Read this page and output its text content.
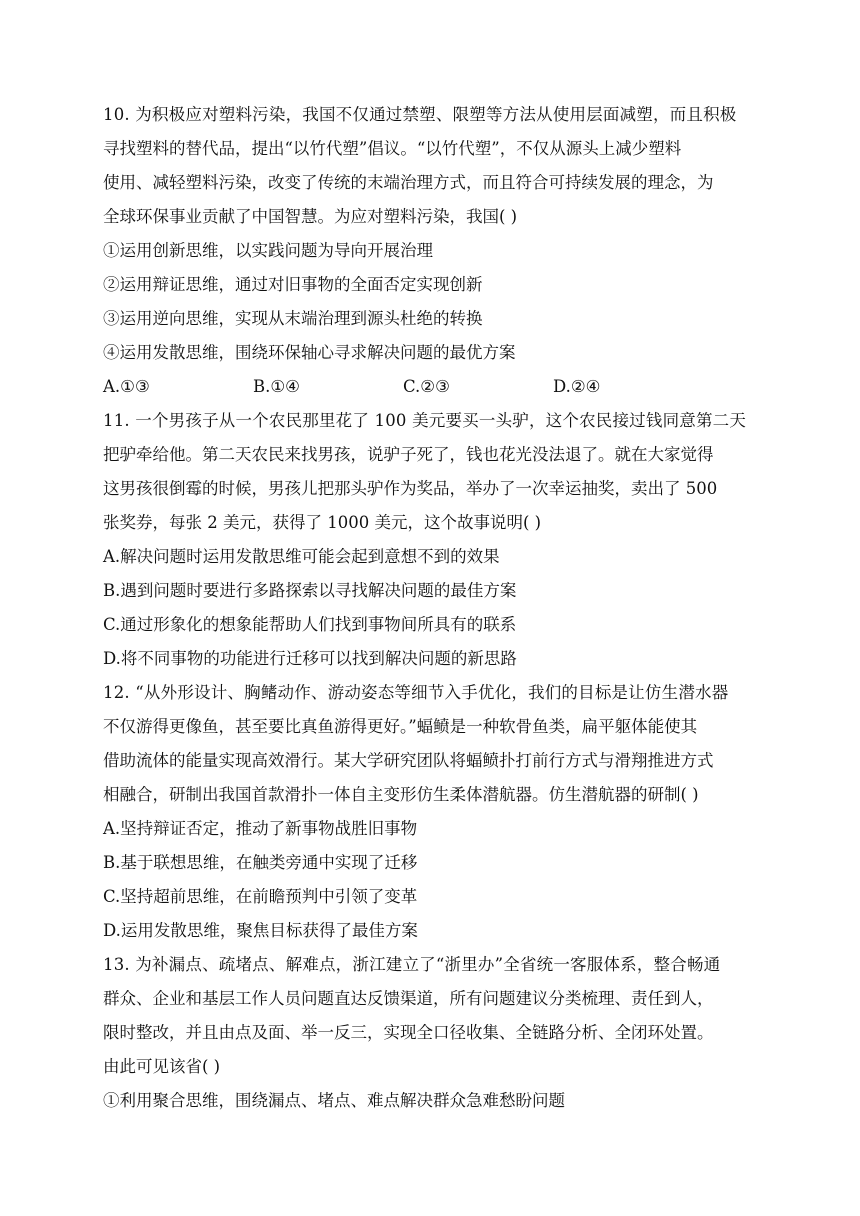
10. 为积极应对塑料污染，我国不仅通过禁塑、限塑等方法从使用层面减塑，而且积极
寻找塑料的替代品，提出“以竹代塑”倡议。“以竹代塑”，不仅从源头上减少塑料
使用、减轻塑料污染，改变了传统的末端治理方式，而且符合可持续发展的理念，为
全球环保事业贡献了中国智慧。为应对塑料污染，我国( )
①运用创新思维，以实践问题为导向开展治理
②运用辩证思维，通过对旧事物的全面否定实现创新
③运用逆向思维，实现从末端治理到源头杜绝的转换
④运用发散思维，围绕环保轴心寻求解决问题的最优方案
A.①③	B.①④	C.②③	D.②④
11. 一个男孩子从一个农民那里花了 100 美元要买一头驴，这个农民接过钱同意第二天
把驴牵给他。第二天农民来找男孩，说驴子死了，钱也花光没法退了。就在大家觉得
这男孩很倒霉的时候，男孩儿把那头驴作为奖品，举办了一次幸运抽奖，卖出了 500
张奖券，每张 2 美元，获得了 1000 美元，这个故事说明( )
A.解决问题时运用发散思维可能会起到意想不到的效果
B.遇到问题时要进行多路探索以寻找解决问题的最佳方案
C.通过形象化的想象能帮助人们找到事物间所具有的联系
D.将不同事物的功能进行迁移可以找到解决问题的新思路
12. “从外形设计、胸鳍动作、游动姿态等细节入手优化，我们的目标是让仿生潜水器
不仅游得更像鱼，甚至要比真鱼游得更好。”蝠鲼是一种软骨鱼类，扁平躯体能使其
借助流体的能量实现高效滑行。某大学研究团队将蝠鲼扑打前行方式与滑翔推进方式
相融合，研制出我国首款滑扑一体自主变形仿生柔体潜航器。仿生潜航器的研制( )
A.坚持辩证否定，推动了新事物战胜旧事物
B.基于联想思维，在触类旁通中实现了迁移
C.坚持超前思维，在前瞻预判中引领了变革
D.运用发散思维，聚焦目标获得了最佳方案
13. 为补漏点、疏堵点、解难点，浙江建立了“浙里办”全省统一客服体系，整合畅通
群众、企业和基层工作人员问题直达反馈渠道，所有问题建议分类梳理、责任到人，
限时整改，并且由点及面、举一反三，实现全口径收集、全链路分析、全闭环处置。
由此可见该省( )
①利用聚合思维，围绕漏点、堵点、难点解决群众急难愁盼问题
